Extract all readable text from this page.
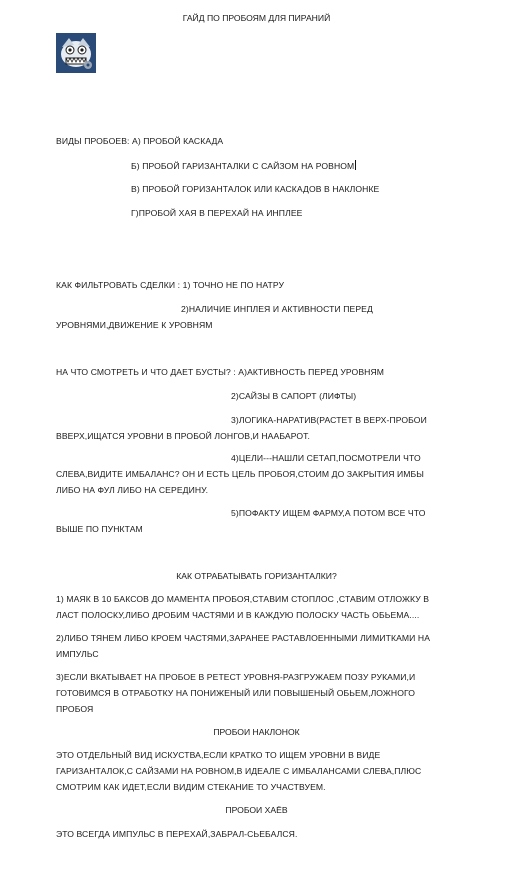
ГАЙД ПО ПРОБОЯМ ДЛЯ ПИРАНИЙ
ВИДЫ ПРОБОЕВ: А) ПРОБОЙ КАСКАДА
Б) ПРОБОЙ ГАРИЗАНТАЛКИ С САЙЗОМ НА РОВНОМ
В) ПРОБОЙ ГОРИЗАНТАЛОК ИЛИ КАСКАДОВ В НАКЛОНКЕ
Г)ПРОБОЙ ХАЯ В ПЕРЕХАЙ НА ИНПЛЕЕ
КАК ФИЛЬТРОВАТЬ СДЕЛКИ : 1) ТОЧНО НЕ ПО НАТРУ
2)НАЛИЧИЕ ИНПЛЕЯ И АКТИВНОСТИ ПЕРЕД
УРОВНЯМИ,ДВИЖЕНИЕ К УРОВНЯМ
НА ЧТО СМОТРЕТЬ И ЧТО ДАЕТ БУСТЫ? : А)АКТИВНОСТЬ ПЕРЕД УРОВНЯМ
2)САЙЗЫ В САПОРТ (ЛИФТЫ)
3)ЛОГИКА-НАРАТИВ(РАСТЕТ В ВЕРХ-ПРОБОИ
ВВЕРХ,ИЩАТСЯ УРОВНИ В ПРОБОЙ ЛОНГОВ,И НААБАРОТ.
4)ЦЕЛИ---НАШЛИ СЕТАП,ПОСМОТРЕЛИ ЧТО
СЛЕВА,ВИДИТЕ ИМБАЛАНС? ОН И ЕСТЬ ЦЕЛЬ ПРОБОЯ,СТОИМ ДО ЗАКРЫТИЯ ИМБЫ
ЛИБО НА ФУЛ ЛИБО НА СЕРЕДИНУ.
5)ПОФАКТУ ИЩЕМ ФАРМУ,А ПОТОМ ВСЕ ЧТО
ВЫШЕ ПО ПУНКТАМ
КАК ОТРАБАТЫВАТЬ ГОРИЗАНТАЛКИ?
1) МАЯК В 10 БАКСОВ ДО МАМЕНТА ПРОБОЯ,СТАВИМ СТОПЛОС ,СТАВИМ ОТЛОЖКУ В
ЛАСТ ПОЛОСКУ,ЛИБО ДРОБИМ ЧАСТЯМИ И В КАЖДУЮ ПОЛОСКУ ЧАСТЬ ОБЬЕМА....
2)ЛИБО ТЯНЕМ ЛИБО КРОЕМ ЧАСТЯМИ,ЗАРАНЕЕ РАСТАВЛОЕННЫМИ ЛИМИТКАМИ НА
ИМПУЛЬС
3)ЕСЛИ ВКАТЫВАЕТ НА ПРОБОЕ В РЕТЕСТ УРОВНЯ-РАЗГРУЖАЕМ ПОЗУ РУКАМИ,И
ГОТОВИМСЯ В ОТРАБОТКУ НА ПОНИЖЕНЫЙ ИЛИ ПОВЫШЕНЫЙ ОБЬЕМ,ЛОЖНОГО
ПРОБОЯ
ПРОБОИ НАКЛОНОК
ЭТО ОТДЕЛЬНЫЙ ВИД ИСКУСТВА,ЕСЛИ КРАТКО ТО ИЩЕМ УРОВНИ В ВИДЕ
ГАРИЗАНТАЛОК,С САЙЗАМИ НА РОВНОМ,В ИДЕАЛЕ С ИМБАЛАНСАМИ СЛЕВА,ПЛЮС
СМОТРИМ КАК ИДЕТ,ЕСЛИ ВИДИМ СТЕКАНИЕ ТО УЧАСТВУЕМ.
ПРОБОИ ХАЁВ
ЭТО ВСЕГДА ИМПУЛЬС В ПЕРЕХАЙ,ЗАБРАЛ-СЬЕБАЛСЯ.
